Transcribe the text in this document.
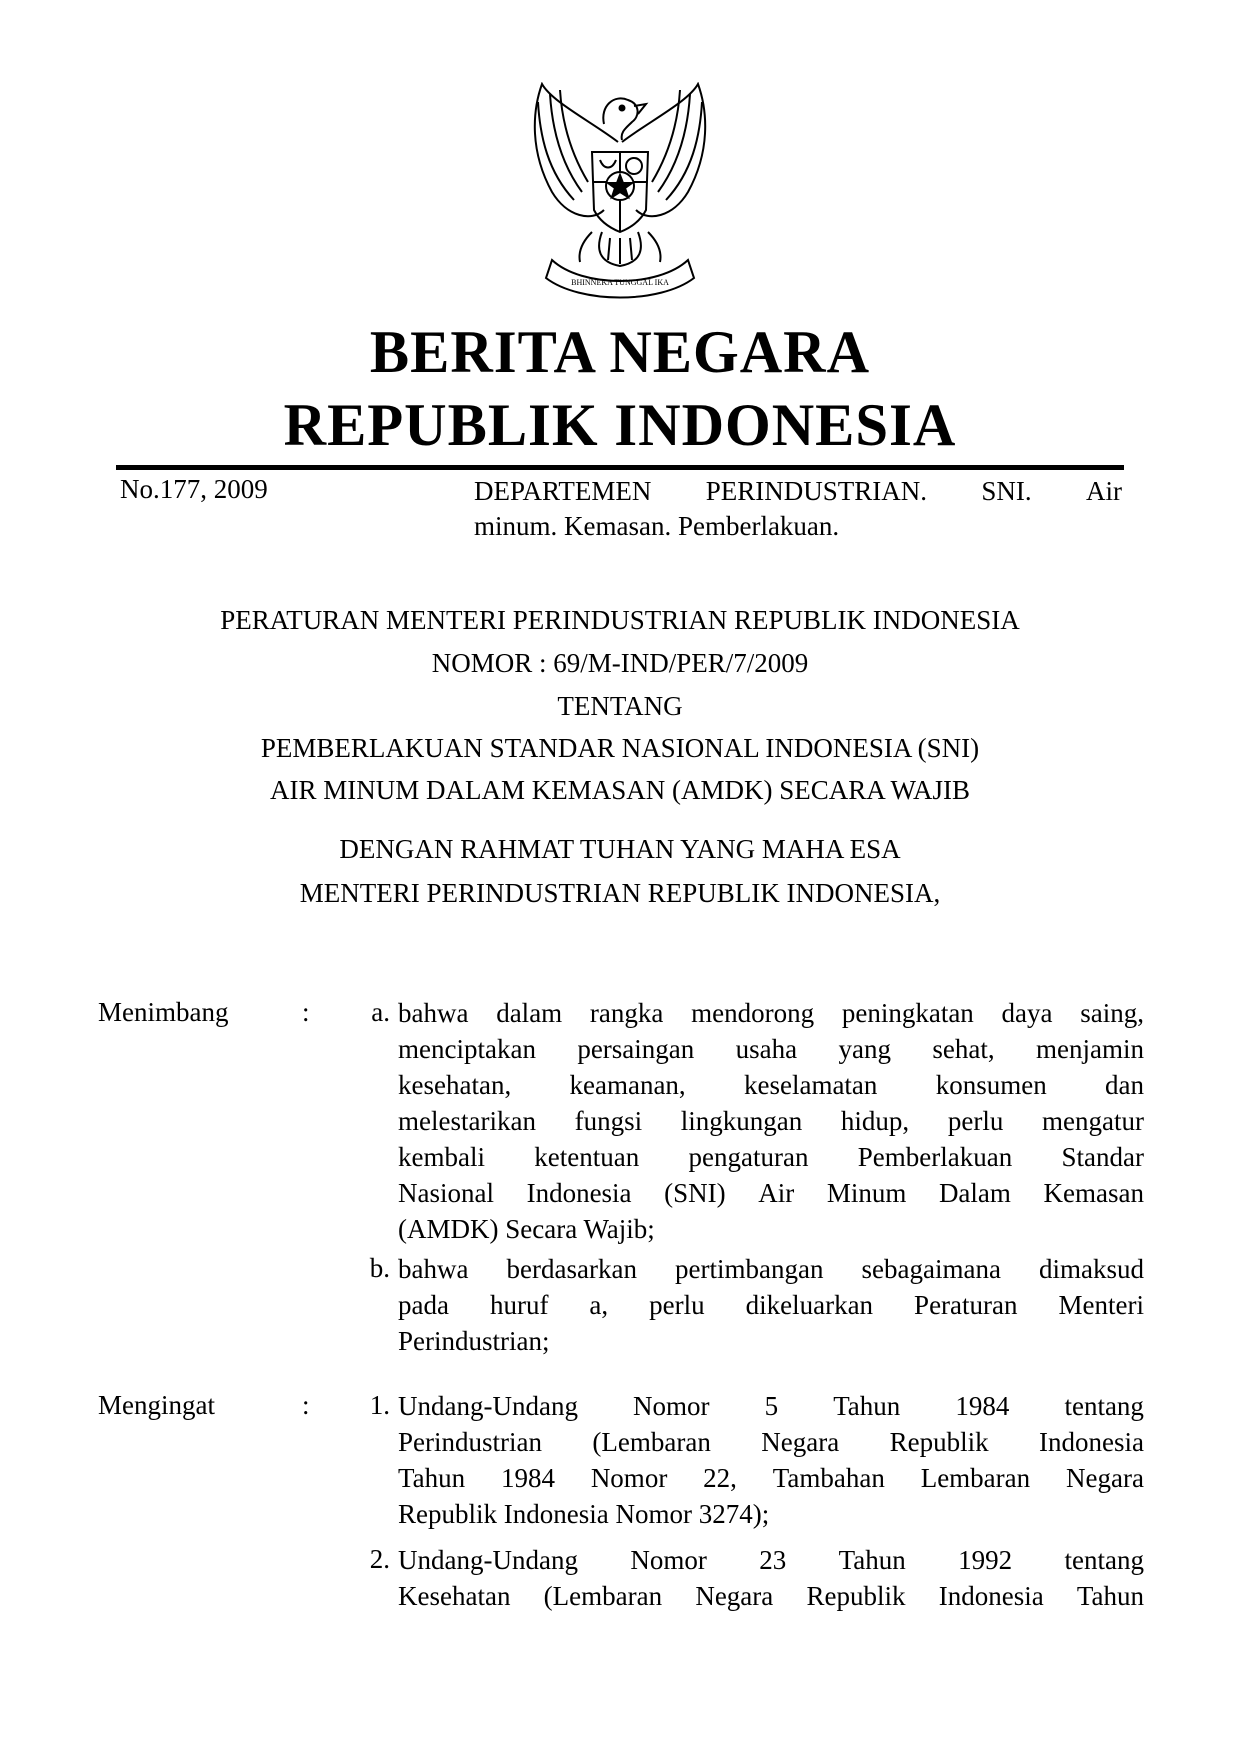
BHINNEKA TUNGGAL IKA
BERITA NEGARA
REPUBLIK INDONESIA
No.177, 2009	DEPARTEMEN PERINDUSTRIAN. SNI. Air
minum. Kemasan. Pemberlakuan.
PERATURAN MENTERI PERINDUSTRIAN REPUBLIK INDONESIA
NOMOR : 69/M-IND/PER/7/2009
TENTANG
PEMBERLAKUAN STANDAR NASIONAL INDONESIA (SNI)
AIR MINUM DALAM KEMASAN (AMDK) SECARA WAJIB
DENGAN RAHMAT TUHAN YANG MAHA ESA
MENTERI PERINDUSTRIAN REPUBLIK INDONESIA,
Menimbang	:	a. bahwa dalam rangka mendorong peningkatan daya saing,
menciptakan persaingan usaha yang sehat, menjamin
kesehatan, keamanan, keselamatan konsumen dan
melestarikan fungsi lingkungan hidup, perlu mengatur
kembali ketentuan pengaturan Pemberlakuan Standar
Nasional Indonesia (SNI) Air Minum Dalam Kemasan
(AMDK) Secara Wajib;
b. bahwa berdasarkan pertimbangan sebagaimana dimaksud
pada huruf a, perlu dikeluarkan Peraturan Menteri
Perindustrian;
Mengingat	:	1. Undang-Undang Nomor 5 Tahun 1984 tentang
Perindustrian (Lembaran Negara Republik Indonesia
Tahun 1984 Nomor 22, Tambahan Lembaran Negara
Republik Indonesia Nomor 3274);
2. Undang-Undang Nomor 23 Tahun 1992 tentang
Kesehatan (Lembaran Negara Republik Indonesia Tahun
